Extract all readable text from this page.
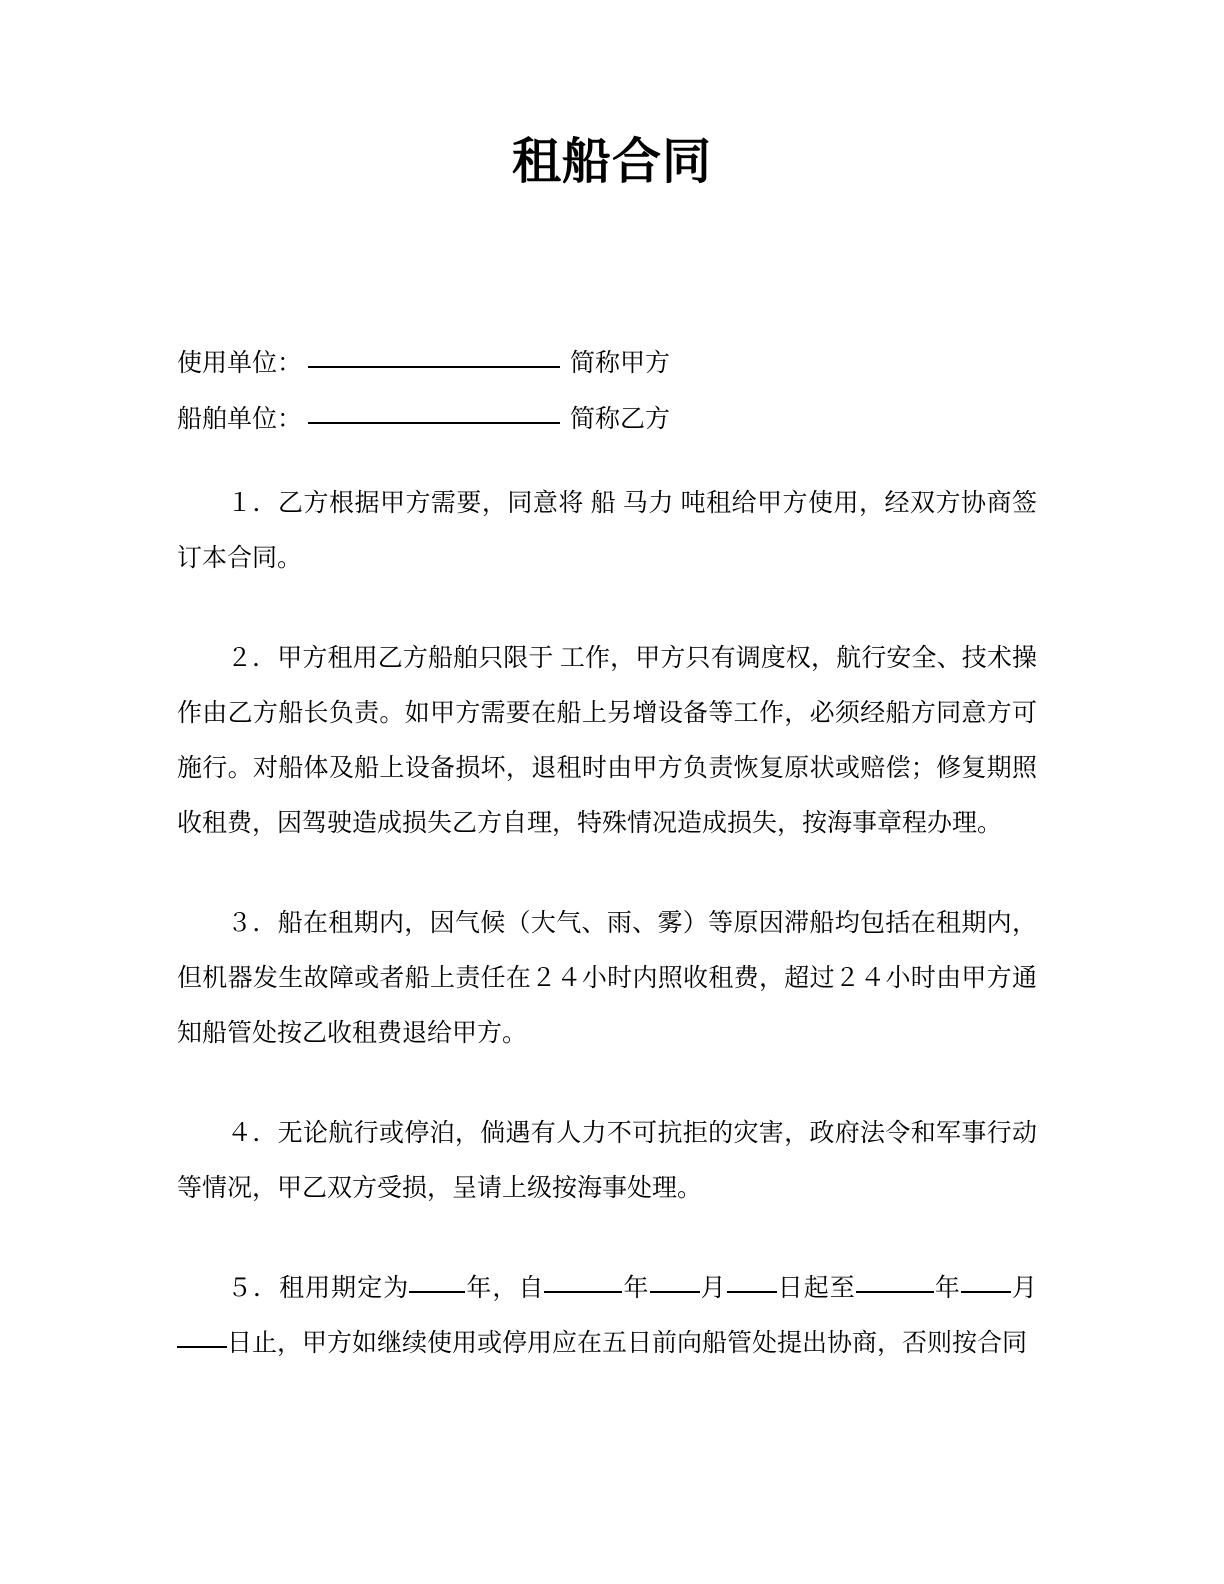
租船合同
使用单位：	简称甲方
船舶单位：	简称乙方

１．乙方根据甲方需要，同意将 船 马力 吨租给甲方使用，经双方协商签订本合同。

２．甲方租用乙方船舶只限于 工作，甲方只有调度权，航行安全、技术操作由乙方船长负责。如甲方需要在船上另增设备等工作，必须经船方同意方可施行。对船体及船上设备损坏，退租时由甲方负责恢复原状或赔偿；修复期照收租费，因驾驶造成损失乙方自理，特殊情况造成损失，按海事章程办理。

３．船在租期内，因气候（大气、雨、雾）等原因滞船均包括在租期内，但机器发生故障或者船上责任在２４小时内照收租费，超过２４小时由甲方通知船管处按乙收租费退给甲方。

４．无论航行或停泊，倘遇有人力不可抗拒的灾害，政府法令和军事行动等情况，甲乙双方受损，呈请上级按海事处理。

５．租用期定为 年，自	年 月 日起至	年 月日止，甲方如继续使用或停用应在五日前向船管处提出协商，否则按合同
